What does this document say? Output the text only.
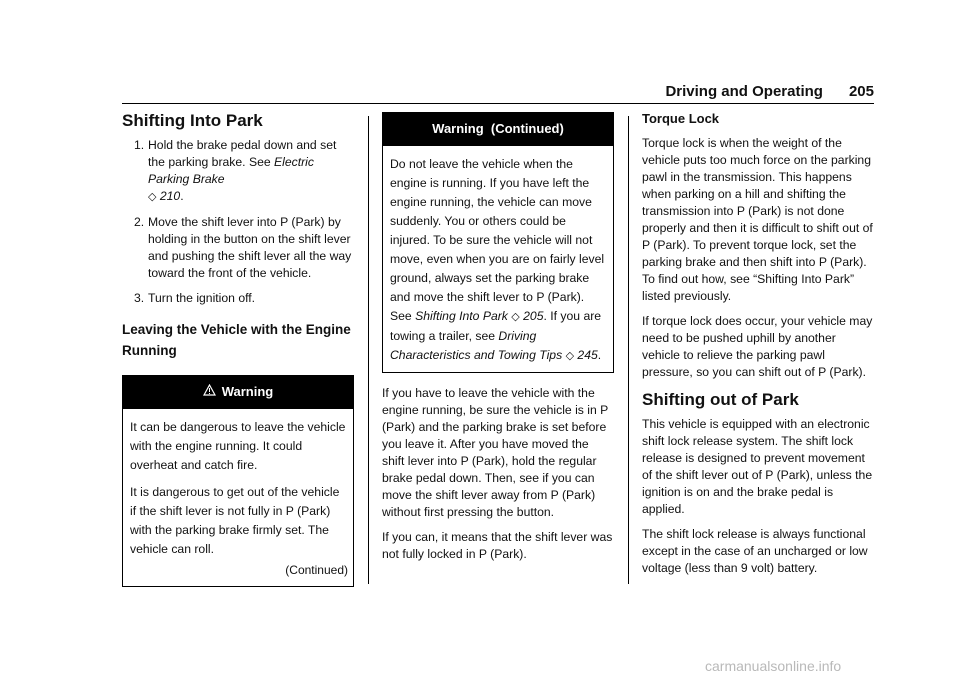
Driving and Operating 205
Shifting Into Park
1. Hold the brake pedal down and set the parking brake. See Electric Parking Brake
◇ 210.
2. Move the shift lever into P (Park) by holding in the button on the shift lever and pushing the shift lever all the way toward the front of the vehicle.
3. Turn the ignition off.
Leaving the Vehicle with the Engine Running
Warning

It can be dangerous to leave the vehicle with the engine running. It could overheat and catch fire.

It is dangerous to get out of the vehicle if the shift lever is not fully in P (Park) with the parking brake firmly set. The vehicle can roll.

(Continued)
Warning  (Continued)

Do not leave the vehicle when the engine is running. If you have left the engine running, the vehicle can move suddenly. You or others could be injured. To be sure the vehicle will not move, even when you are on fairly level ground, always set the parking brake and move the shift lever to P (Park). See Shifting Into Park ◇ 205. If you are towing a trailer, see Driving Characteristics and Towing Tips ◇ 245.

If you have to leave the vehicle with the engine running, be sure the vehicle is in P (Park) and the parking brake is set before you leave it. After you have moved the shift lever into P (Park), hold the regular brake pedal down. Then, see if you can move the shift lever away from P (Park) without first pressing the button.

If you can, it means that the shift lever was not fully locked in P (Park).

Torque Lock

Torque lock is when the weight of the vehicle puts too much force on the parking pawl in the transmission. This happens when parking on a hill and shifting the transmission into P (Park) is not done properly and then it is difficult to shift out of P (Park). To prevent torque lock, set the parking brake and then shift into P (Park). To find out how, see “Shifting Into Park” listed previously.

If torque lock does occur, your vehicle may need to be pushed uphill by another vehicle to relieve the parking pawl pressure, so you can shift out of P (Park).

Shifting out of Park

This vehicle is equipped with an electronic shift lock release system. The shift lock release is designed to prevent movement of the shift lever out of P (Park), unless the ignition is on and the brake pedal is applied.

The shift lock release is always functional except in the case of an uncharged or low voltage (less than 9 volt) battery.

carmanualsonline.info
